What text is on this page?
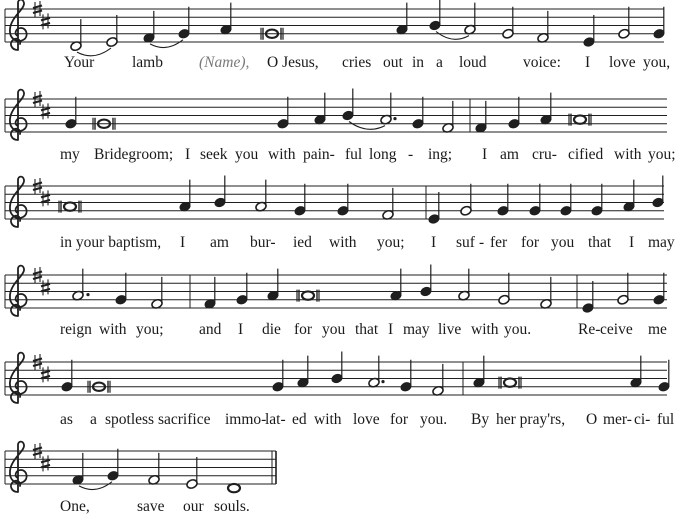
Your lamb (Name), O Jesus, cries out in a loud voice: I love you,
my Bridegroom; I seek you with pain- ful long - ing; I am cru- cified with you;
in your baptism, I am bur- ied with you; I suf - fer for you that I may
reign with you; and I die for you that I may live with you.	Re- ceive me
as a spotless sacrifice immo-
lat- ed with love for you. By her pray'rs, O mer- ci- ful
One,	save our souls.
